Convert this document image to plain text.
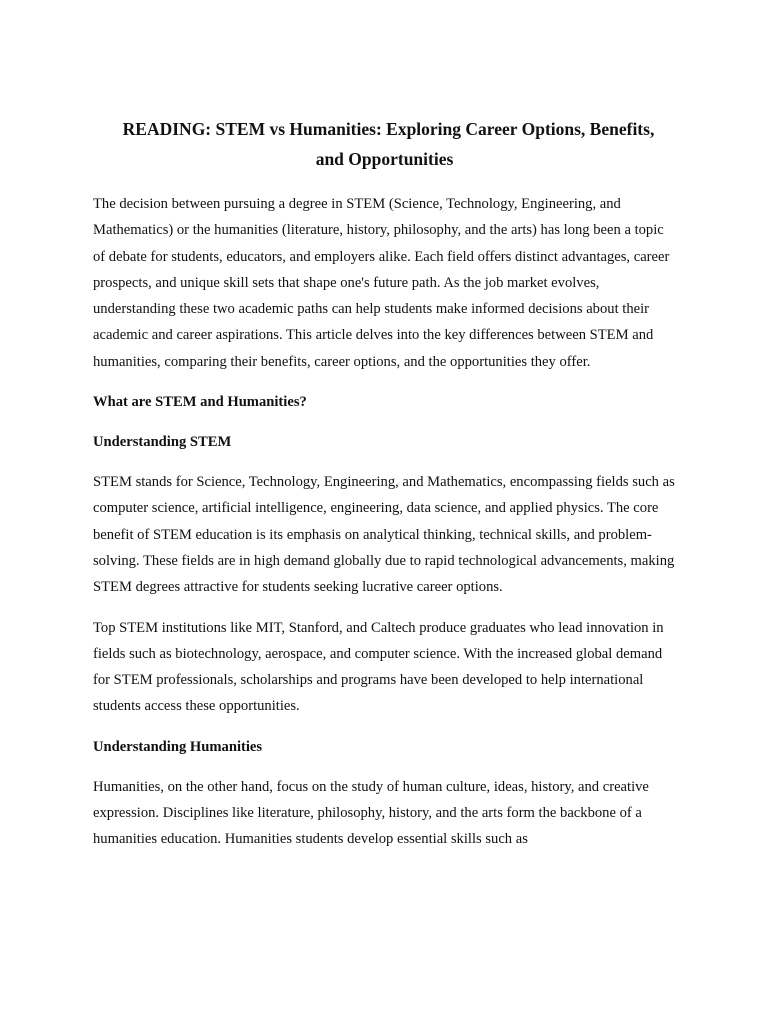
READING: STEM vs Humanities: Exploring Career Options, Benefits,
and Opportunities

The decision between pursuing a degree in STEM (Science, Technology, Engineering, and Mathematics) or the humanities (literature, history, philosophy, and the arts) has long been a topic of debate for students, educators, and employers alike. Each field offers distinct advantages, career prospects, and unique skill sets that shape one's future path. As the job market evolves, understanding these two academic paths can help students make informed decisions about their academic and career aspirations. This article delves into the key differences between STEM and humanities, comparing their benefits, career options, and the opportunities they offer.

What are STEM and Humanities?
Understanding STEM

STEM stands for Science, Technology, Engineering, and Mathematics, encompassing fields such as computer science, artificial intelligence, engineering, data science, and applied physics. The core benefit of STEM education is its emphasis on analytical thinking, technical skills, and problem-solving. These fields are in high demand globally due to rapid technological advancements, making STEM degrees attractive for students seeking lucrative career options.

Top STEM institutions like MIT, Stanford, and Caltech produce graduates who lead innovation in fields such as biotechnology, aerospace, and computer science. With the increased global demand for STEM professionals, scholarships and programs have been developed to help international students access these opportunities.

Understanding Humanities

Humanities, on the other hand, focus on the study of human culture, ideas, history, and creative expression. Disciplines like literature, philosophy, history, and the arts form the backbone of a humanities education. Humanities students develop essential skills such as
